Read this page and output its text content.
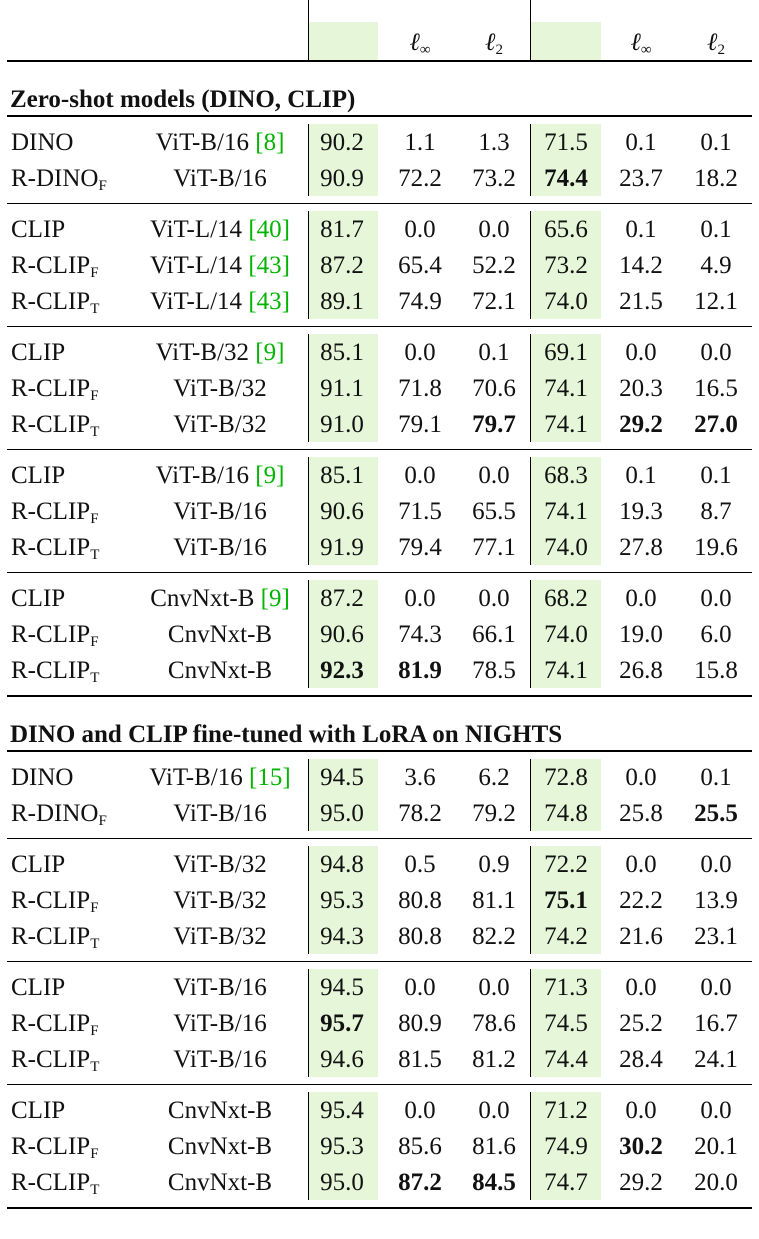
ℓ∞ ℓ2	ℓ∞ ℓ2
Zero-shot models (DINO, CLIP)
DINO	ViT-B/16 [8] 90.2 1.1 1.3 71.5 0.1 0.1
R-DINOF	ViT-B/16 90.9 72.2 73.2 74.4 23.7 18.2
CLIP	ViT-L/14 [40] 81.7 0.0 0.0 65.6 0.1 0.1
R-CLIPF ViT-L/14 [43] 87.2 65.4 52.2 73.2 14.2 4.9
R-CLIPT ViT-L/14 [43] 89.1 74.9 72.1 74.0 21.5 12.1
CLIP	ViT-B/32 [9] 85.1 0.0 0.1 69.1 0.0 0.0
R-CLIPF	ViT-B/32 91.1 71.8 70.6 74.1 20.3 16.5
R-CLIPT	ViT-B/32 91.0 79.1 79.7 74.1 29.2 27.0
CLIP	ViT-B/16 [9] 85.1 0.0 0.0 68.3 0.1 0.1
R-CLIPF	ViT-B/16 90.6 71.5 65.5 74.1 19.3 8.7
R-CLIPT	ViT-B/16 91.9 79.4 77.1 74.0 27.8 19.6
CLIP	CnvNxt-B [9] 87.2 0.0 0.0 68.2 0.0 0.0
R-CLIPF	CnvNxt-B 90.6 74.3 66.1 74.0 19.0 6.0
R-CLIPT	CnvNxt-B 92.3 81.9 78.5 74.1 26.8 15.8
DINO and CLIP fine-tuned with LoRA on NIGHTS
DINO	ViT-B/16 [15] 94.5 3.6 6.2 72.8 0.0 0.1
R-DINOF	ViT-B/16 95.0 78.2 79.2 74.8 25.8 25.5
CLIP	ViT-B/32 94.8 0.5 0.9 72.2 0.0 0.0
R-CLIPF	ViT-B/32 95.3 80.8 81.1 75.1 22.2 13.9
R-CLIPT	ViT-B/32 94.3 80.8 82.2 74.2 21.6 23.1
CLIP	ViT-B/16 94.5 0.0 0.0 71.3 0.0 0.0
R-CLIPF	ViT-B/16 95.7 80.9 78.6 74.5 25.2 16.7
R-CLIPT	ViT-B/16 94.6 81.5 81.2 74.4 28.4 24.1
CLIP	CnvNxt-B 95.4 0.0 0.0 71.2 0.0 0.0
R-CLIPF	CnvNxt-B 95.3 85.6 81.6 74.9 30.2 20.1
R-CLIPT	CnvNxt-B 95.0 87.2 84.5 74.7 29.2 20.0
